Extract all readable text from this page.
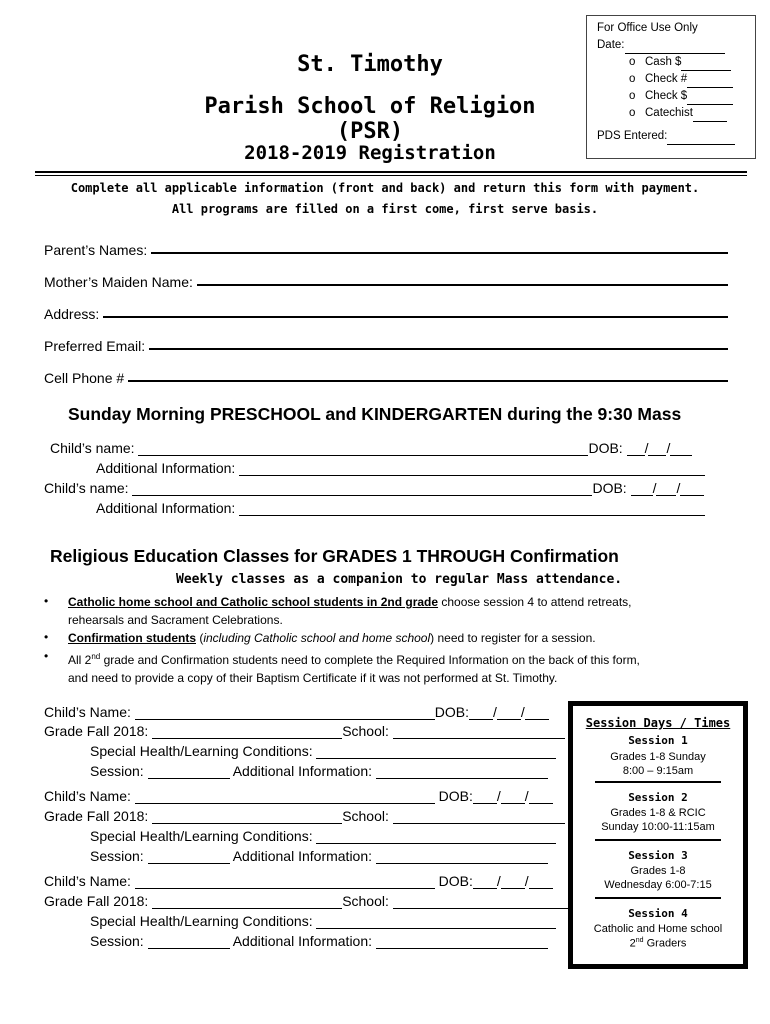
For Office Use Only
Date:
o Cash $
o Check #
o Check $
o Catechist
PDS Entered:
St. Timothy
Parish School of Religion (PSR)
2018-2019 Registration
Complete all applicable information (front and back) and return this form with payment.
All programs are filled on a first come, first serve basis.
Parent’s Names:
Mother’s Maiden Name:
Address:
Preferred Email:
Cell Phone #
Sunday Morning PRESCHOOL and KINDERGARTEN during the 9:30 Mass
Child’s name:	DOB: / /
Additional Information:
Child’s name:	DOB: / /
Additional Information:
Religious Education Classes for GRADES 1 THROUGH Confirmation
Weekly classes as a companion to regular Mass attendance.
• Catholic home school and Catholic school students in 2nd grade choose session 4 to attend retreats,
rehearsals and Sacrament Celebrations.
• Confirmation students (including Catholic school and home school) need to register for a session.
• All 2nd grade and Confirmation students need to complete the Required Information on the back of this form,
and need to provide a copy of their Baptism Certificate if it was not performed at St. Timothy.
Child’s Name:	DOB: / /
Grade Fall 2018:	School:
Special Health/Learning Conditions:
Session:	Additional Information:
Child’s Name:	DOB: / /
Grade Fall 2018:	School:
Special Health/Learning Conditions:
Session:	Additional Information:
Child’s Name:	DOB: / /
Grade Fall 2018:	School:
Special Health/Learning Conditions:
Session:	Additional Information:
Session Days / Times
Session 1
Grades 1-8 Sunday
8:00 – 9:15am
Session 2
Grades 1-8 & RCIC
Sunday 10:00-11:15am
Session 3
Grades 1-8
Wednesday 6:00-7:15
Session 4
Catholic and Home school
2nd Graders
